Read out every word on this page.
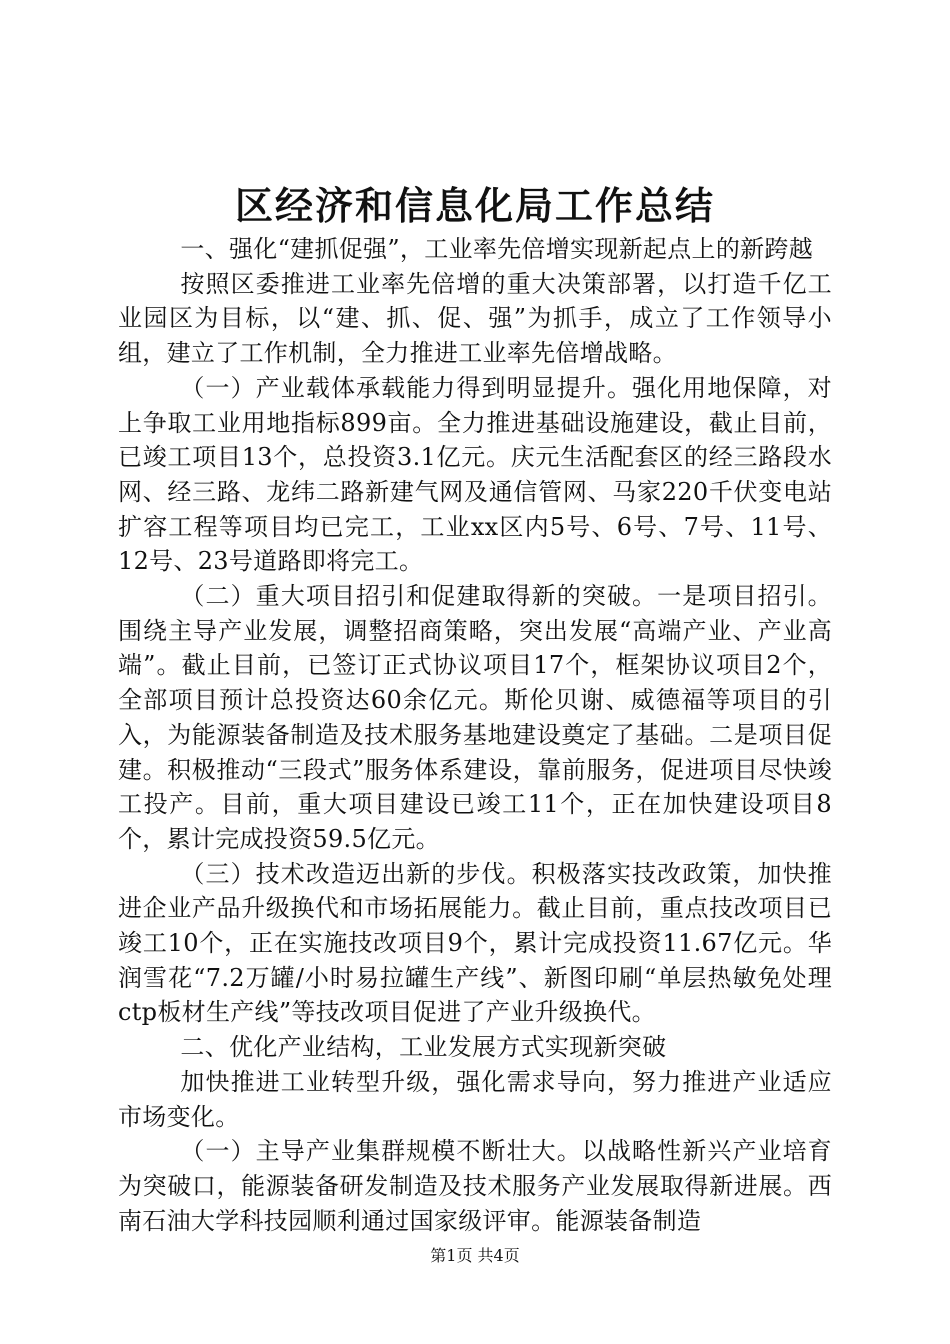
区经济和信息化局工作总结

一、强化“建抓促强”，工业率先倍增实现新起点上的新跨越

按照区委推进工业率先倍增的重大决策部署，以打造千亿工业园区为目标，以“建、抓、促、强”为抓手，成立了工作领导小组，建立了工作机制，全力推进工业率先倍增战略。

（一）产业载体承载能力得到明显提升。强化用地保障，对上争取工业用地指标899亩。全力推进基础设施建设，截止目前，已竣工项目13个，总投资3.1亿元。庆元生活配套区的经三路段水网、经三路、龙纬二路新建气网及通信管网、马家220千伏变电站扩容工程等项目均已完工，工业xx区内5号、6号、7号、11号、12号、23号道路即将完工。

（二）重大项目招引和促建取得新的突破。一是项目招引。围绕主导产业发展，调整招商策略，突出发展“高端产业、产业高端”。截止目前，已签订正式协议项目17个，框架协议项目2个，全部项目预计总投资达60余亿元。斯伦贝谢、威德福等项目的引入，为能源装备制造及技术服务基地建设奠定了基础。二是项目促建。积极推动“三段式”服务体系建设，靠前服务，促进项目尽快竣工投产。目前，重大项目建设已竣工11个，正在加快建设项目8个，累计完成投资59.5亿元。

（三）技术改造迈出新的步伐。积极落实技改政策，加快推进企业产品升级换代和市场拓展能力。截止目前，重点技改项目已竣工10个，正在实施技改项目9个，累计完成投资11.67亿元。华润雪花“7.2万罐/小时易拉罐生产线”、新图印刷“单层热敏免处理ctp板材生产线”等技改项目促进了产业升级换代。

二、优化产业结构，工业发展方式实现新突破

加快推进工业转型升级，强化需求导向，努力推进产业适应市场变化。

（一）主导产业集群规模不断壮大。以战略性新兴产业培育为突破口，能源装备研发制造及技术服务产业发展取得新进展。西南石油大学科技园顺利通过国家级评审。能源装备制造

第1页 共4页
